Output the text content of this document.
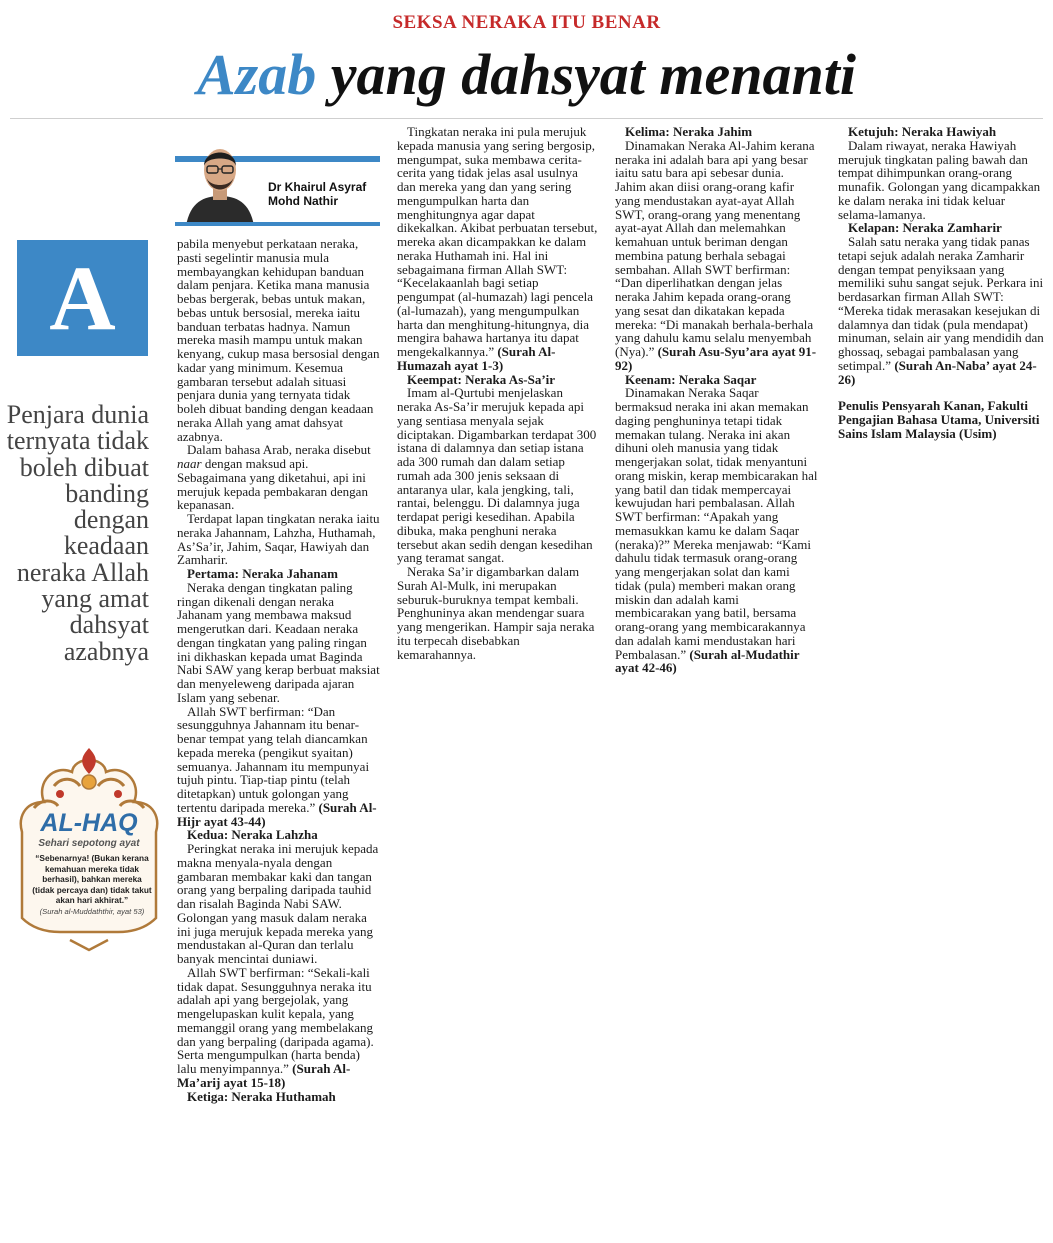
SEKSA NERAKA ITU BENAR
Azab yang dahsyat menanti
Dr Khairul Asyraf
Mohd Nathir
A
Penjara dunia ternyata tidak boleh dibuat banding dengan keadaan neraka Allah yang amat dahsyat azabnya
AL-HAQ
Sehari sepotong ayat
“Sebenarnya! (Bukan kerana kemahuan mereka tidak berhasil), bahkan mereka (tidak percaya dan) tidak takut akan hari akhirat.”
(Surah al-Muddaththir, ayat 53)

pabila menyebut perkataan neraka, pasti segelintir manusia mula membayangkan kehidupan banduan dalam penjara. Ketika mana manusia bebas bergerak, bebas untuk makan, bebas untuk bersosial, mereka iaitu banduan terbatas hadnya. Namun mereka masih mampu untuk makan kenyang, cukup masa bersosial dengan kadar yang minimum. Kesemua gambaran tersebut adalah situasi penjara dunia yang ternyata tidak boleh dibuat banding dengan keadaan neraka Allah yang amat dahsyat azabnya.

Dalam bahasa Arab, neraka disebut naar dengan maksud api. Sebagaimana yang diketahui, api ini merujuk kepada pembakaran dengan kepanasan.

Terdapat lapan tingkatan neraka iaitu neraka Jahannam, Lahzha, Huthamah, As’Sa’ir, Jahim, Saqar, Hawiyah dan Zamharir.

Pertama: Neraka Jahanam

Neraka dengan tingkatan paling ringan dikenali dengan neraka Jahanam yang membawa maksud mengerutkan dari. Keadaan neraka dengan tingkatan yang paling ringan ini dikhaskan kepada umat Baginda Nabi SAW yang kerap berbuat maksiat dan menyeleweng daripada ajaran Islam yang sebenar.

Allah SWT berfirman: “Dan sesungguhnya Jahannam itu benar-benar tempat yang telah diancamkan kepada mereka (pengikut syaitan) semuanya. Jahannam itu mempunyai tujuh pintu. Tiap-tiap pintu (telah ditetapkan) untuk golongan yang tertentu daripada mereka.” (Surah Al-Hijr ayat 43-44)

Kedua: Neraka Lahzha

Peringkat neraka ini merujuk kepada makna menyala-nyala dengan gambaran membakar kaki dan tangan orang yang berpaling daripada tauhid dan risalah Baginda Nabi SAW. Golongan yang masuk dalam neraka ini juga merujuk kepada mereka yang mendustakan al-Quran dan terlalu banyak mencintai duniawi.

Allah SWT berfirman: “Sekali-kali tidak dapat. Sesungguhnya neraka itu adalah api yang bergejolak, yang mengelupaskan kulit kepala, yang memanggil orang yang membelakang dan yang berpaling (daripada agama). Serta mengumpulkan (harta benda) lalu menyimpannya.” (Surah Al-Ma’arij ayat 15-18)

Ketiga: Neraka Huthamah

Tingkatan neraka ini pula merujuk kepada manusia yang sering bergosip, mengumpat, suka membawa cerita-cerita yang tidak jelas asal usulnya dan mereka yang dan yang sering mengumpulkan harta dan menghitungnya agar dapat dikekalkan. Akibat perbuatan tersebut, mereka akan dicampakkan ke dalam neraka Huthamah ini. Hal ini sebagaimana firman Allah SWT: “Kecelakaanlah bagi setiap pengumpat (al-humazah) lagi pencela (al-lumazah), yang mengumpulkan harta dan menghitung-hitungnya, dia mengira bahawa hartanya itu dapat mengekalkannya.” (Surah Al-Humazah ayat 1-3)

Keempat: Neraka As-Sa’ir

Imam al-Qurtubi menjelaskan neraka As-Sa’ir merujuk kepada api yang sentiasa menyala sejak diciptakan. Digambarkan terdapat 300 istana di dalamnya dan setiap istana ada 300 rumah dan dalam setiap rumah ada 300 jenis seksaan di antaranya ular, kala jengking, tali, rantai, belenggu. Di dalamnya juga terdapat perigi kesedihan. Apabila dibuka, maka penghuni neraka tersebut akan sedih dengan kesedihan yang teramat sangat.

Neraka Sa’ir digambarkan dalam Surah Al-Mulk, ini merupakan seburuk-buruknya tempat kembali. Penghuninya akan mendengar suara yang mengerikan. Hampir saja neraka itu terpecah disebabkan kemarahannya.

Kelima: Neraka Jahim

Dinamakan Neraka Al-Jahim kerana neraka ini adalah bara api yang besar iaitu satu bara api sebesar dunia. Jahim akan diisi orang-orang kafir yang mendustakan ayat-ayat Allah SWT, orang-orang yang menentang ayat-ayat Allah dan melemahkan kemahuan untuk beriman dengan membina patung berhala sebagai sembahan. Allah SWT berfirman: “Dan diperlihatkan dengan jelas neraka Jahim kepada orang-orang yang sesat dan dikatakan kepada mereka: “Di manakah berhala-berhala yang dahulu kamu selalu menyembah (Nya).” (Surah Asu-Syu’ara ayat 91-92)

Keenam: Neraka Saqar

Dinamakan Neraka Saqar bermaksud neraka ini akan memakan daging penghuninya tetapi tidak memakan tulang. Neraka ini akan dihuni oleh manusia yang tidak mengerjakan solat, tidak menyantuni orang miskin, kerap membicarakan hal yang batil dan tidak mempercayai kewujudan hari pembalasan. Allah SWT berfirman: “Apakah yang memasukkan kamu ke dalam Saqar (neraka)?” Mereka menjawab: “Kami dahulu tidak termasuk orang-orang yang mengerjakan solat dan kami tidak (pula) memberi makan orang miskin dan adalah kami membicarakan yang batil, bersama orang-orang yang membicarakannya dan adalah kami mendustakan hari Pembalasan.” (Surah al-Mudathir ayat 42-46)

Ketujuh: Neraka Hawiyah

Dalam riwayat, neraka Hawiyah merujuk tingkatan paling bawah dan tempat dihimpunkan orang-orang munafik. Golongan yang dicampakkan ke dalam neraka ini tidak keluar selama-lamanya.

Kelapan: Neraka Zamharir

Salah satu neraka yang tidak panas tetapi sejuk adalah neraka Zamharir dengan tempat penyiksaan yang memiliki suhu sangat sejuk. Perkara ini berdasarkan firman Allah SWT: “Mereka tidak merasakan kesejukan di dalamnya dan tidak (pula mendapat) minuman, selain air yang mendidih dan ghossaq, sebagai pambalasan yang setimpal.” (Surah An-Naba’ ayat 24-26)

Penulis Pensyarah Kanan, Fakulti Pengajian Bahasa Utama, Universiti Sains Islam Malaysia (Usim)
